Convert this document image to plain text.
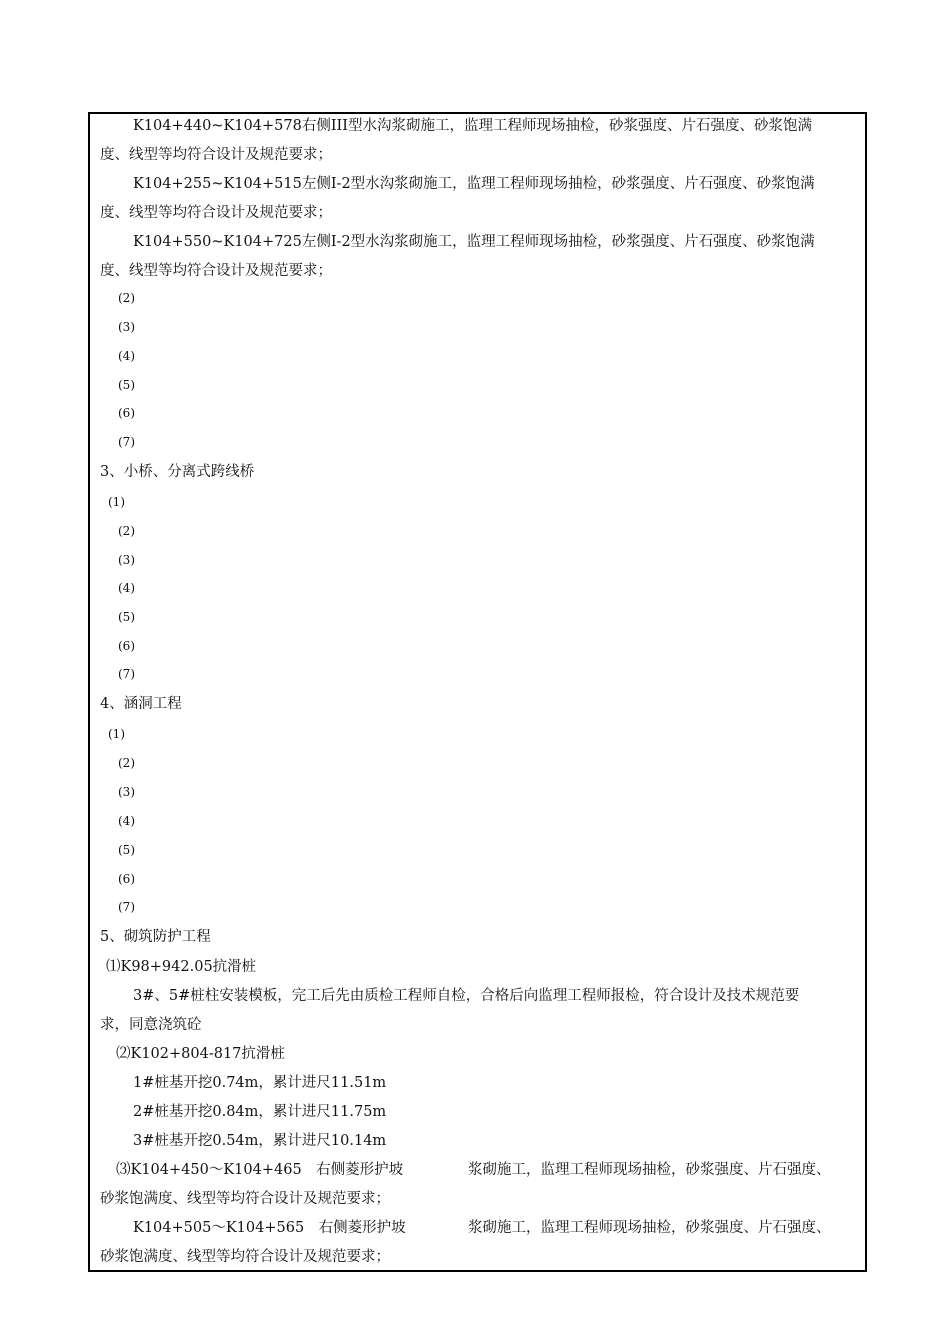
K104+440~K104+578右侧III型水沟浆砌施工，监理工程师现场抽检，砂浆强度、片石强度、砂浆饱满
度、线型等均符合设计及规范要求；
K104+255~K104+515左侧I-2型水沟浆砌施工，监理工程师现场抽检，砂浆强度、片石强度、砂浆饱满
度、线型等均符合设计及规范要求；
K104+550~K104+725左侧I-2型水沟浆砌施工，监理工程师现场抽检，砂浆强度、片石强度、砂浆饱满
度、线型等均符合设计及规范要求；
(2)
(3)
(4)
(5)
(6)
(7)
3、小桥、分离式跨线桥
(1)
(2)
(3)
(4)
(5)
(6)
(7)
4、涵洞工程
(1)
(2)
(3)
(4)
(5)
(6)
(7)
5、砌筑防护工程
⑴K98+942.05抗滑桩
3#、5#桩柱安装模板，完工后先由质检工程师自检，合格后向监理工程师报检，符合设计及技术规范要
求，同意浇筑砼
⑵K102+804-817抗滑桩
1#桩基开挖0.74m，累计进尺11.51m
2#桩基开挖0.84m，累计进尺11.75m
3#桩基开挖0.54m，累计进尺10.14m
⑶K104+450～K104+465　右侧菱形护坡	浆砌施工，监理工程师现场抽检，砂浆强度、片石强度、
砂浆饱满度、线型等均符合设计及规范要求；
K104+505～K104+565　右侧菱形护坡	浆砌施工，监理工程师现场抽检，砂浆强度、片石强度、
砂浆饱满度、线型等均符合设计及规范要求；
